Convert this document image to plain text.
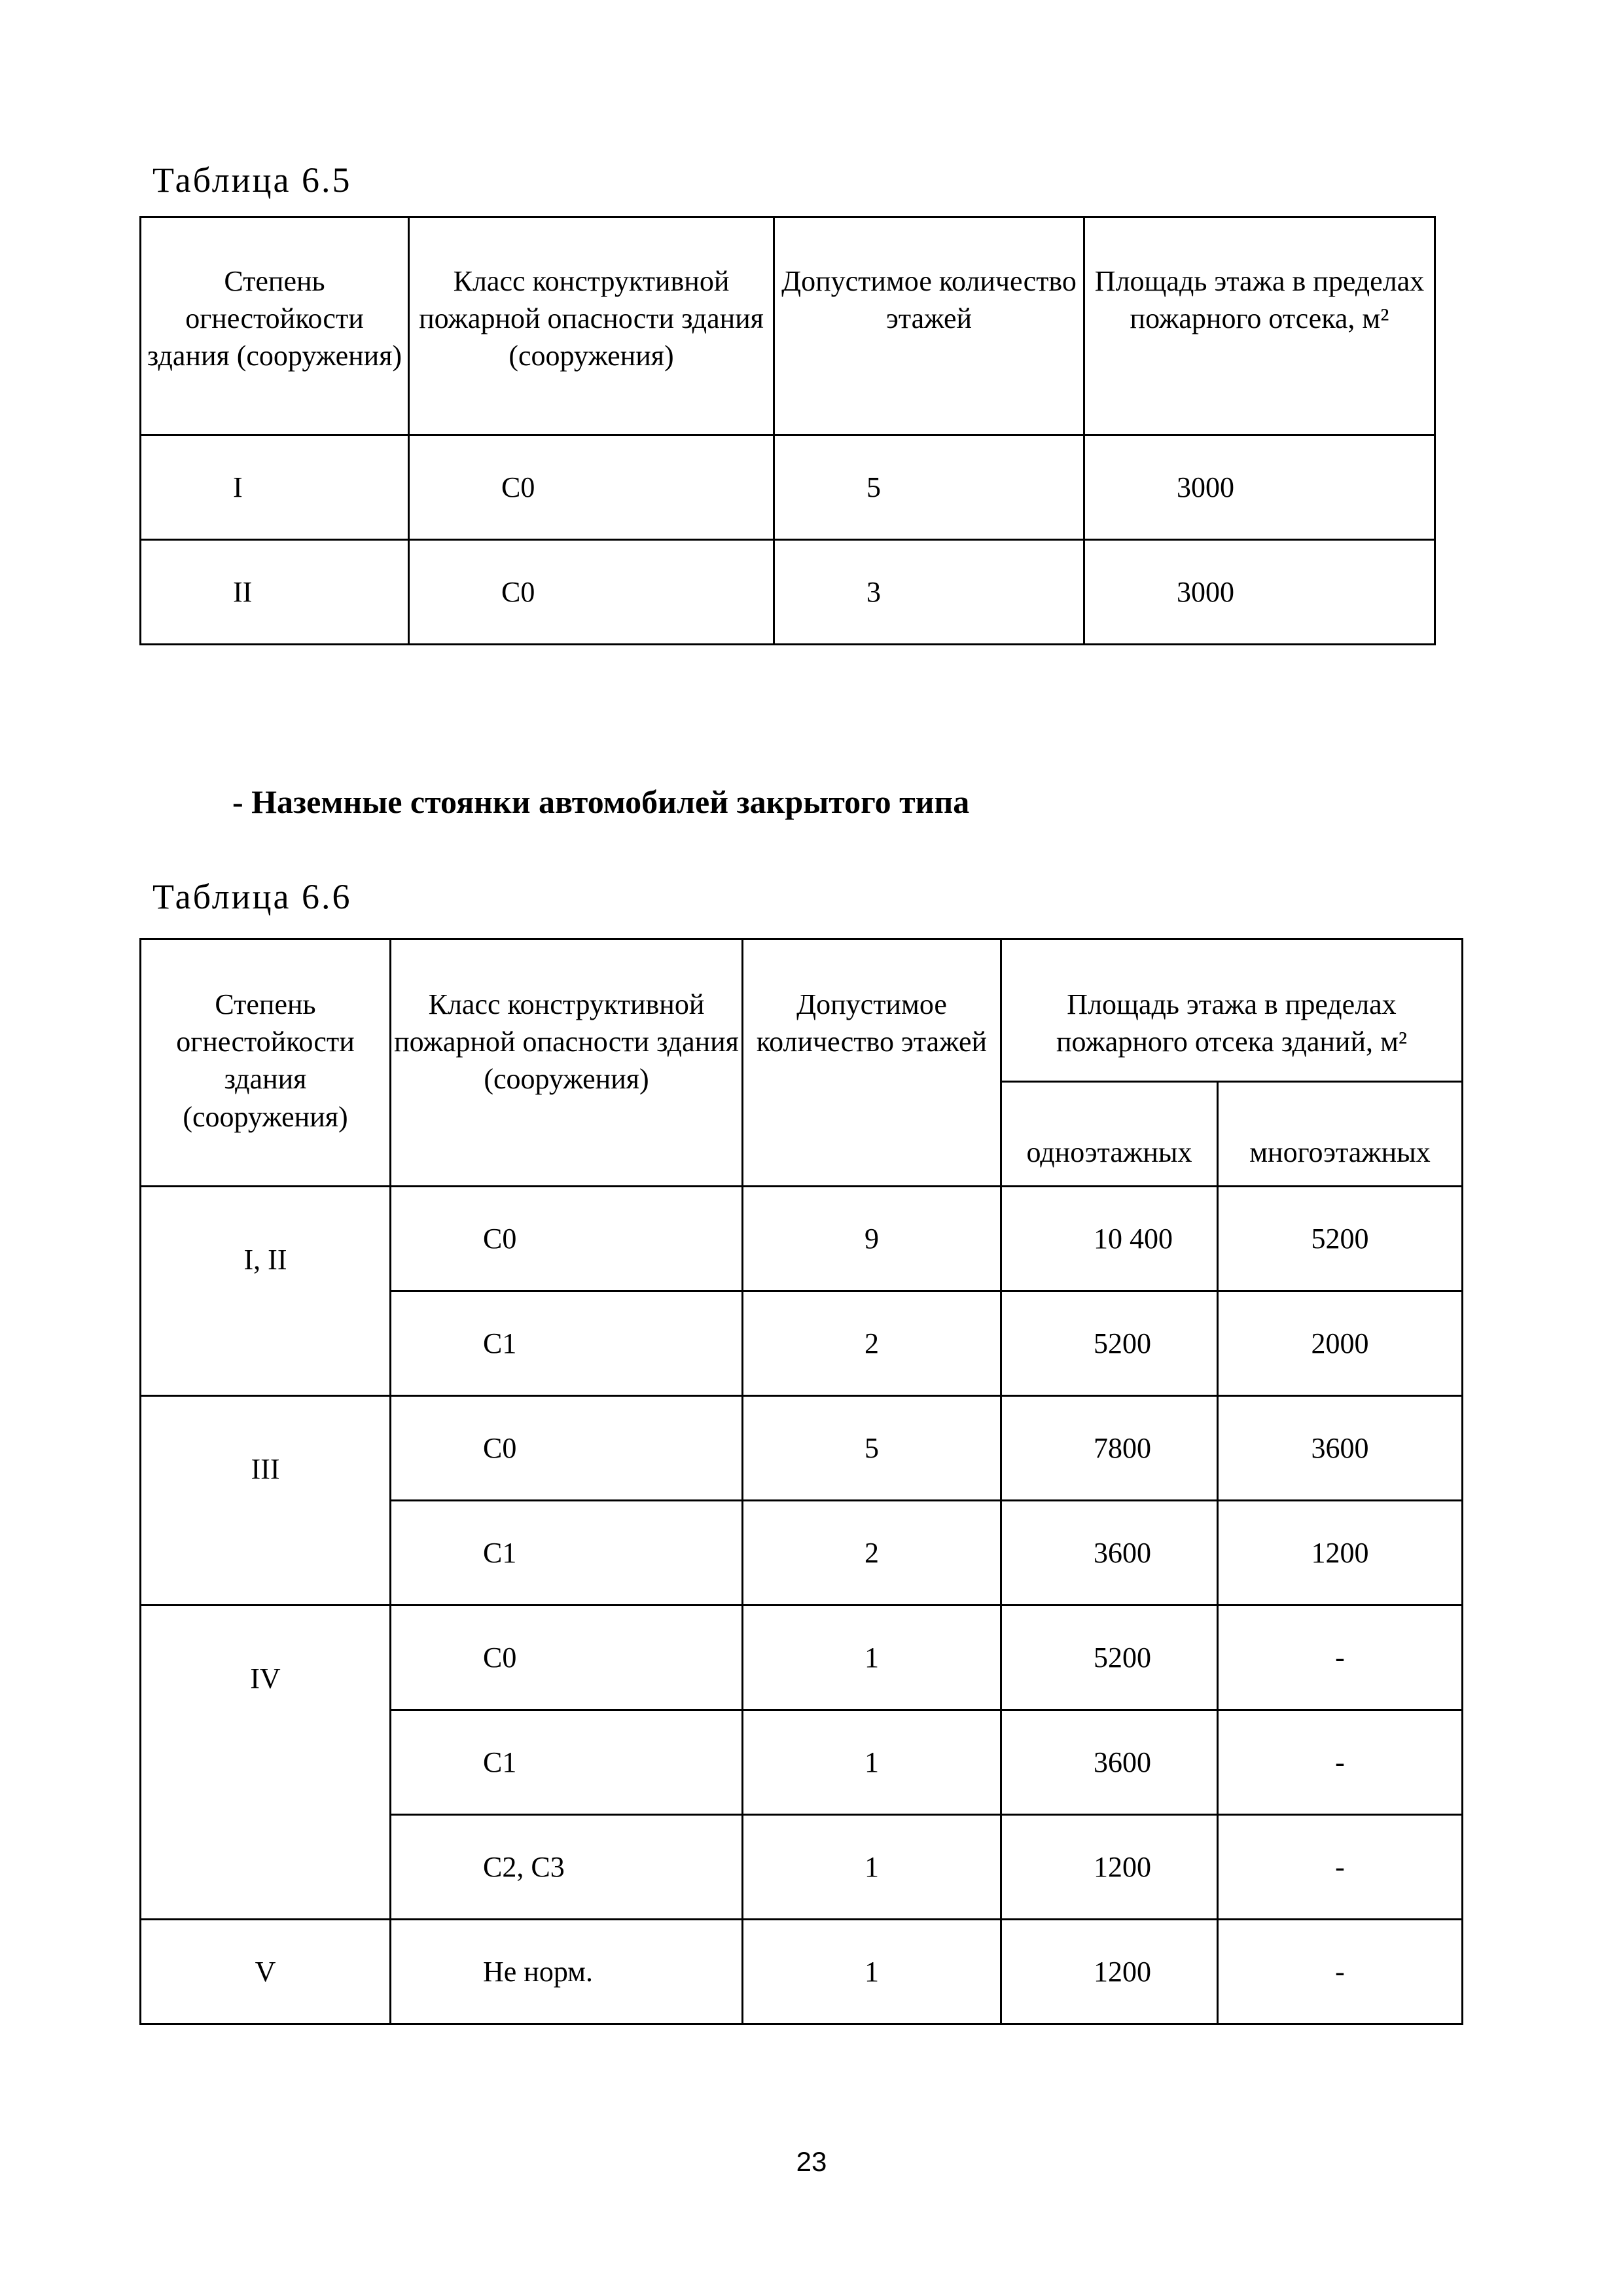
Таблица 6.5
Степень огнестойкости здания (сооружения)	Класс конструктивной пожарной опасности здания (сооружения)	Допустимое количество этажей	Площадь этажа в пределах пожарного отсека, м²
I	С0	5	3000
II	С0	3	3000
- Наземные стоянки автомобилей закрытого типа
Таблица 6.6
Степень огнестойкости здания (сооружения)	Класс конструктивной пожарной опасности здания (сооружения)	Допустимое количество этажей	Площадь этажа в пределах пожарного отсека зданий, м²	
			одноэтажных	многоэтажных
I, II	С0	9	10 400	5200
	С1	2	5200	2000
III	С0	5	7800	3600
	С1	2	3600	1200
IV	С0	1	5200	-
	С1	1	3600	-
	С2, С3	1	1200	-
V	Не норм.	1	1200	-
23
